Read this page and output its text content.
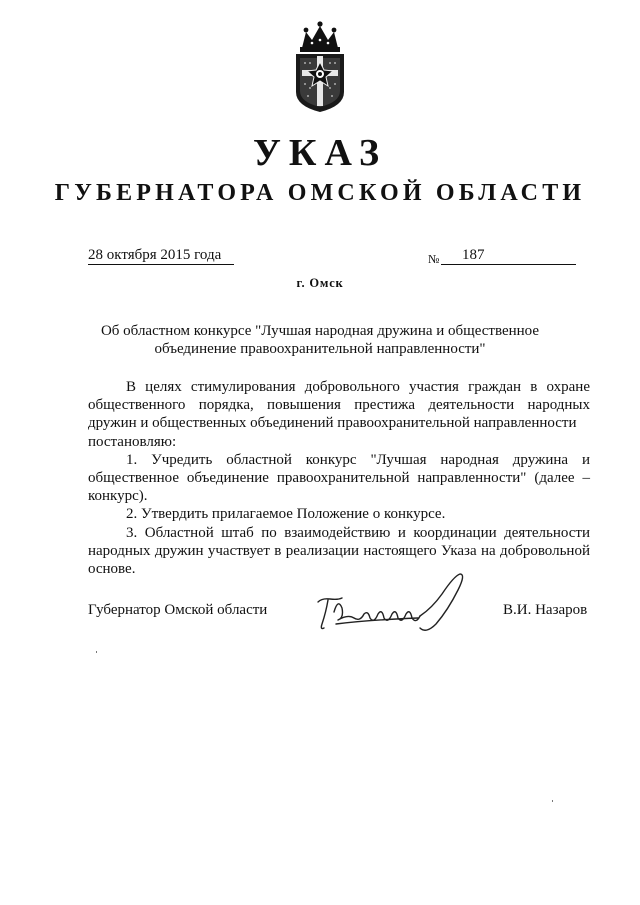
УКАЗ
ГУБЕРНАТОРА ОМСКОЙ ОБЛАСТИ
28 октября 2015 года	№ 187
г. Омск
Об областном конкурсе "Лучшая народная дружина и общественное
объединение правоохранительной направленности"

В целях стимулирования добровольного участия граждан в охране общественного порядка, повышения престижа деятельности народных дружин и общественных объединений правоохранительной направленности

постановляю:

1. Учредить областной конкурс "Лучшая народная дружина и общественное объединение правоохранительной направленности" (далее – конкурс).

2. Утвердить прилагаемое Положение о конкурсе.

3. Областной штаб по взаимодействию и координации деятельности народных дружин участвует в реализации настоящего Указа на добровольной основе.

Губернатор Омской области	В.И. Назаров
